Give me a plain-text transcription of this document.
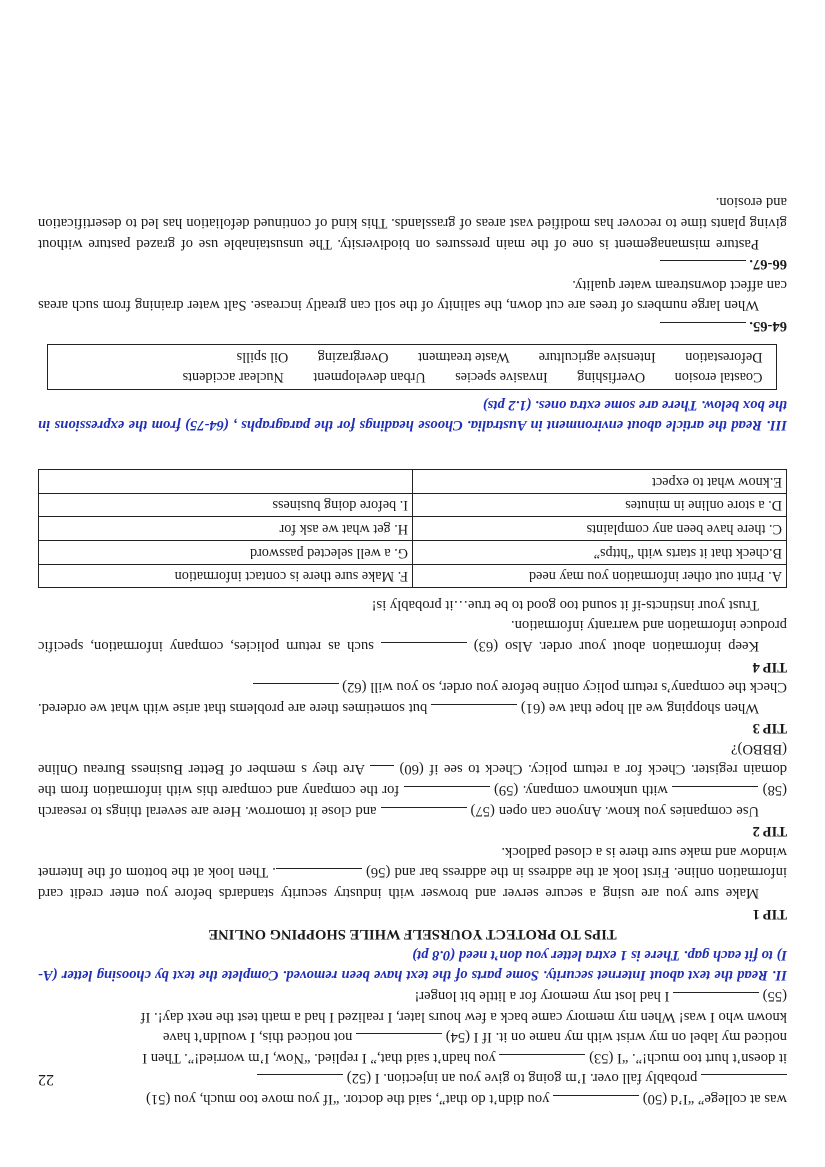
was at college” “I’d (50)  you didn’t do that”, said the doctor. “If you move too much, you (51)
probably fall over. I’m going to give you an injection. I (52)
it doesn’t hurt too much!”. “I (53)  you hadn’t said that,” I replied. “Now, I’m worried!”. Then I
noticed my label on my wrist with my name on it. If I (54)  not noticed this, I wouldn’t have
known who I was! When my memory came back a few hours later, I realized I had a math test the next day!. If
(55)  I had lost my memory for a little bit longer!

II. Read the text about Internet security. Some parts of the text have been removed. Complete the text by choosing letter (A-I) to fit each gap. There is 1 extra letter you don’t need (0.8 pt)

TIPS TO PROTECT YOURSELF WHILE SHOPPING ONLINE

TIP 1

Make sure you are using a secure server and browser with industry security standards before you enter credit card information online. First look at the address in the address bar and (56) . Then look at the bottom of the Internet window and make sure there is a closed padlock.

TIP 2

Use companies you know. Anyone can open (57)  and close it tomorrow. Here are several things to research (58)  with unknown company. (59)  for the company and compare this with information from the domain register. Check for a return policy. Check to see if (60)  Are they s member of Better Business Bureau Online (BBBO)?

TIP 3

When shopping we all hope that we (61)  but sometimes there are problems that arise with what we ordered. Check the company’s return policy online before you order, so you will (62)

TIP 4

Keep information about your order. Also (63)  such as return policies, company information, specific produce information and warranty information.

Trust your instincts-if it sound too good to be true…it probably is!

A. Print out other information you may need	F. Make sure there is contact information
B.check that it starts with “https”	G. a well selected password
C. there have been any complaints	H. get what we ask for
D. a store online in minutes	I. before doing business
E.know what to expect	

III. Read the article about environment in Australia. Choose headings for the paragraphs , (64-75) from the expressions in the box below. There are some extra ones. (1.2 pts)

Coastal erosion Overfishing Invasive species Urban development Nuclear accidents
Deforestation Intensive agriculture Waste treatment Overgrazing Oil spills

64-65.

When large numbers of trees are cut down, the salinity of the soil can greatly increase. Salt water draining from such areas can affect downstream water quality.

66-67.

Pasture mismanagement is one of the main pressures on biodiversity. The unsustainable use of grazed pasture without giving plants time to recover has modified vast areas of grasslands. This kind of continued defoliation has led to desertification and erosion.

22
